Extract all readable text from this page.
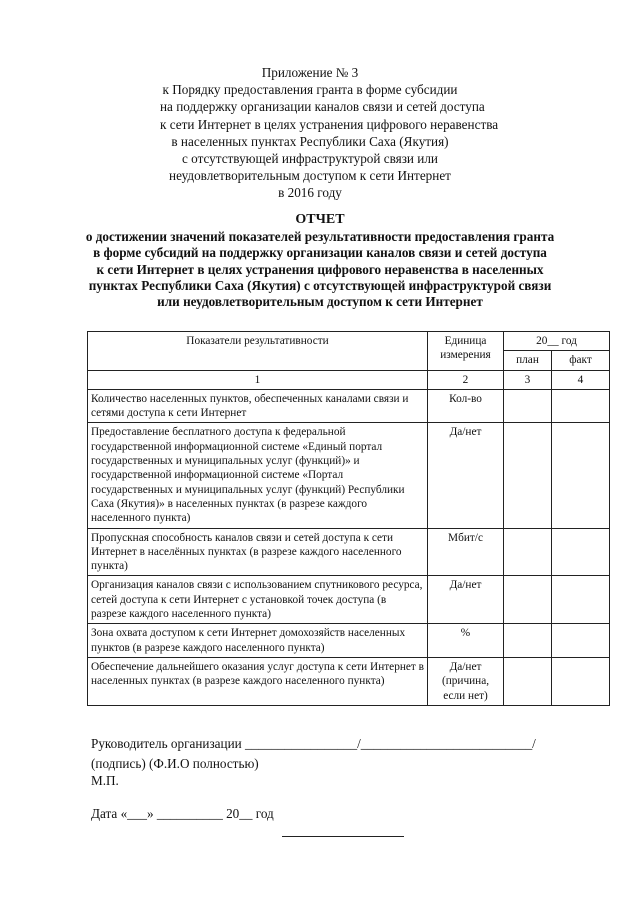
Приложение № 3
к Порядку предоставления гранта в форме субсидии
на поддержку организации каналов связи и сетей доступа
к сети Интернет в целях устранения цифрового неравенства
в населенных пунктах Республики Саха (Якутия)
с отсутствующей инфраструктурой связи или
неудовлетворительным доступом к сети Интернет
в 2016 году
ОТЧЕТ
о достижении значений показателей результативности предоставления гранта
в форме субсидий на поддержку организации каналов связи и сетей доступа
к сети Интернет в целях устранения цифрового неравенства в населенных
пунктах Республики Саха (Якутия) с отсутствующей инфраструктурой связи
или неудовлетворительным доступом к сети Интернет
Показатели результативности	Единица измерения	20__ год	
		план	факт
1	2	3	4
Количество населенных пунктов, обеспеченных каналами связи и сетями доступа к сети Интернет	Кол-во		
Предоставление бесплатного доступа к федеральной государственной информационной системе «Единый портал государственных и муниципальных услуг (функций)» и государственной информационной системе «Портал государственных и муниципальных услуг (функций) Республики Саха (Якутия)» в населенных пунктах (в разрезе каждого населенного пункта)	Да/нет		
Пропускная способность каналов связи и сетей доступа к сети Интернет в населённых пунктах (в разрезе каждого населенного пункта)	Мбит/с		
Организация каналов связи с использованием спутникового ресурса, сетей доступа к сети Интернет с установкой точек доступа (в разрезе каждого населенного пункта)	Да/нет		
Зона охвата доступом к сети Интернет домохозяйств населенных пунктов (в разрезе каждого населенного пункта)	%		
Обеспечение дальнейшего оказания услуг доступа к сети Интернет в населенных пунктах (в разрезе каждого населенного пункта)	Да/нет (причина, если нет)		
Руководитель организации _________________/__________________________/
(подпись) (Ф.И.О полностью)
М.П.
Дата «___» __________ 20__ год
